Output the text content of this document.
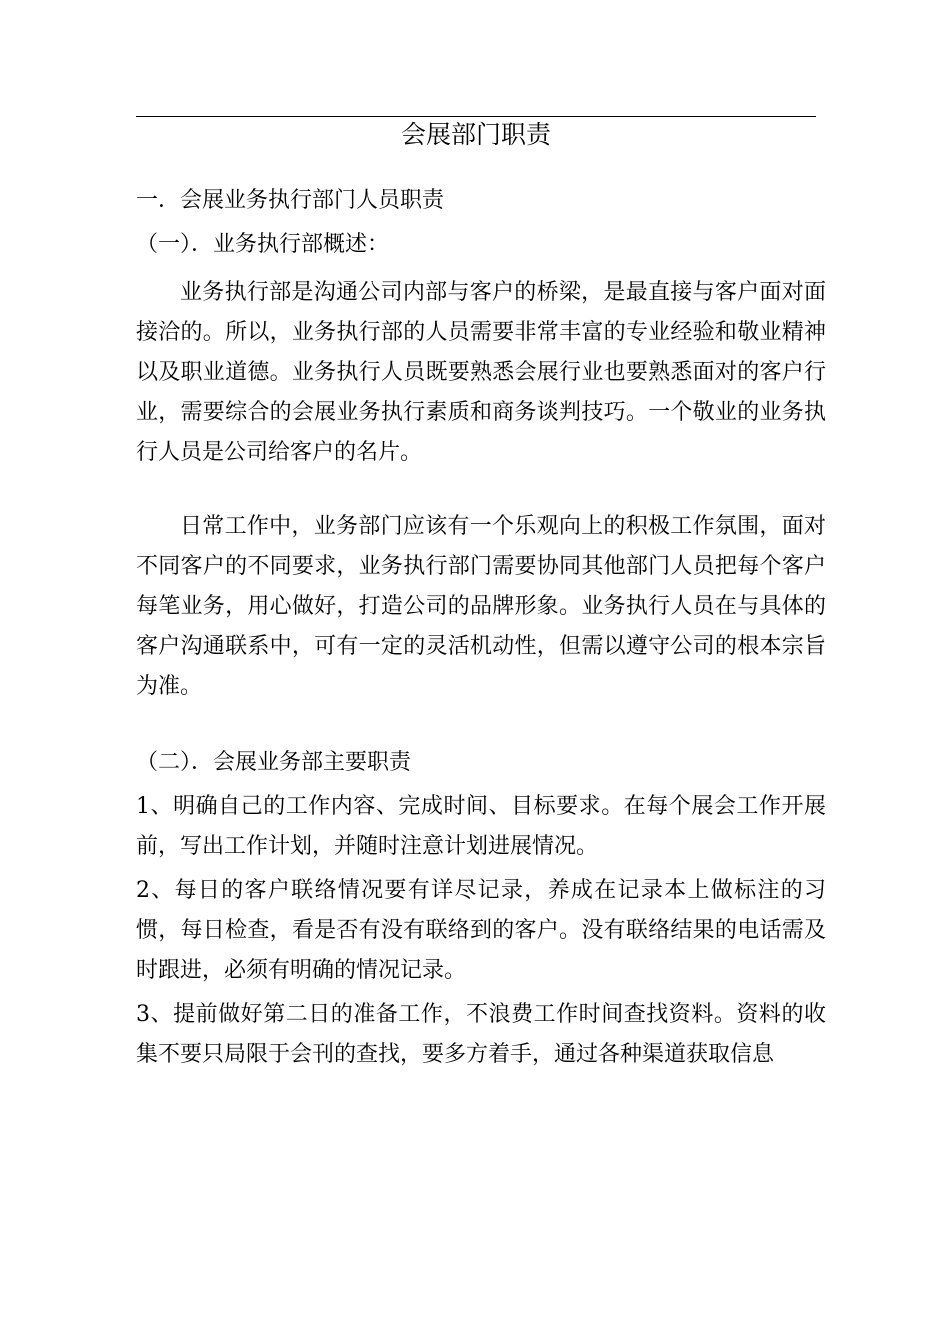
会展部门职责

一．会展业务执行部门人员职责

（一）．业务执行部概述：

业务执行部是沟通公司内部与客户的桥梁，是最直接与客户面对面接洽的。所以，业务执行部的人员需要非常丰富的专业经验和敬业精神以及职业道德。业务执行人员既要熟悉会展行业也要熟悉面对的客户行业，需要综合的会展业务执行素质和商务谈判技巧。一个敬业的业务执行人员是公司给客户的名片。

日常工作中，业务部门应该有一个乐观向上的积极工作氛围，面对不同客户的不同要求，业务执行部门需要协同其他部门人员把每个客户每笔业务，用心做好，打造公司的品牌形象。业务执行人员在与具体的客户沟通联系中，可有一定的灵活机动性，但需以遵守公司的根本宗旨为准。

（二）．会展业务部主要职责

1、明确自己的工作内容、完成时间、目标要求。在每个展会工作开展前，写出工作计划，并随时注意计划进展情况。

2、每日的客户联络情况要有详尽记录，养成在记录本上做标注的习惯，每日检查，看是否有没有联络到的客户。没有联络结果的电话需及时跟进，必须有明确的情况记录。

3、提前做好第二日的准备工作，不浪费工作时间查找资料。资料的收集不要只局限于会刊的查找，要多方着手，通过各种渠道获取信息
